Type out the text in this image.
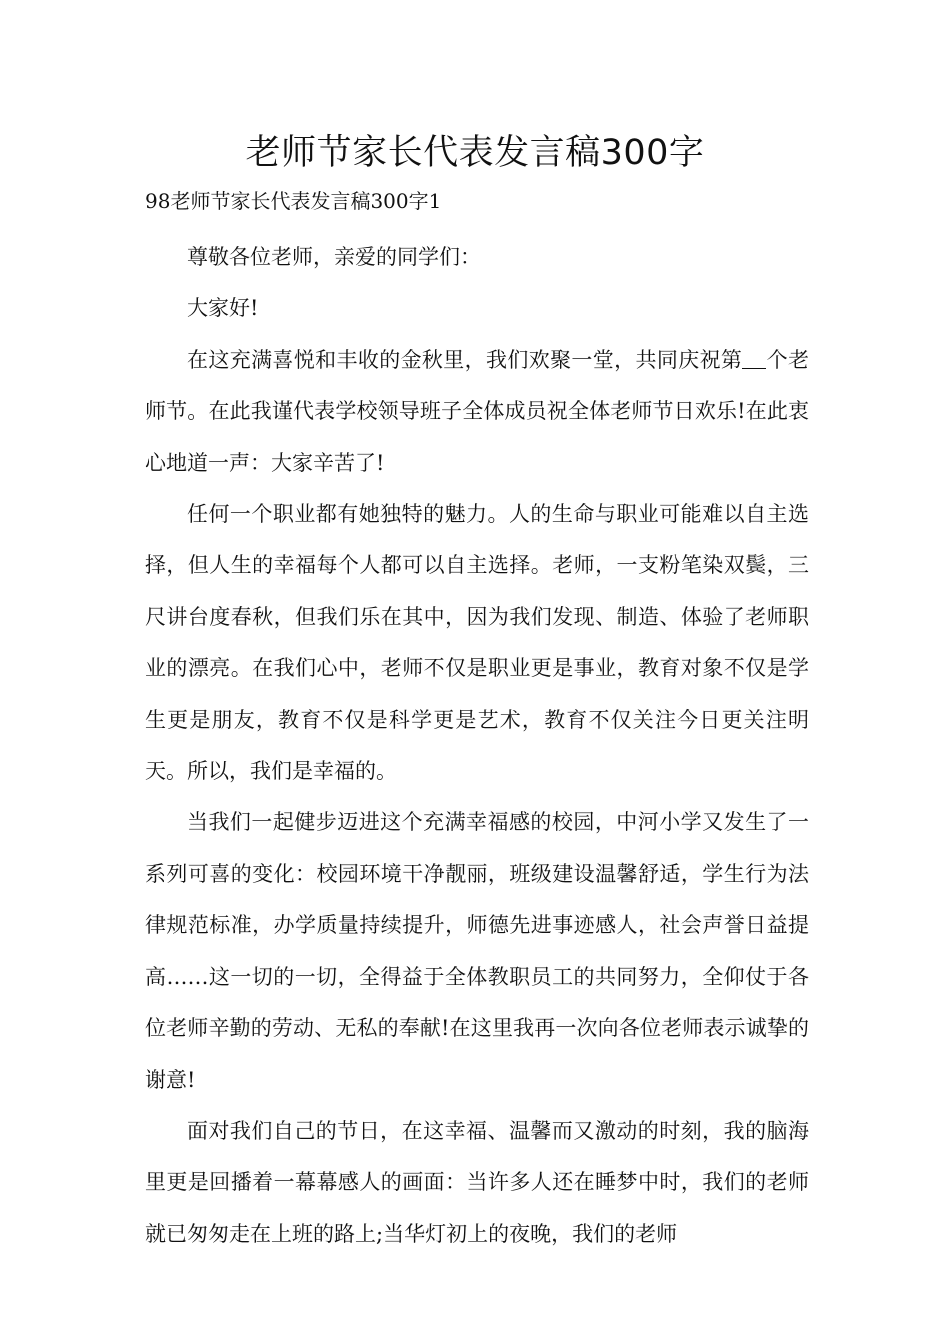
老师节家长代表发言稿300字

98老师节家长代表发言稿300字1

尊敬各位老师，亲爱的同学们：

大家好!

在这充满喜悦和丰收的金秋里，我们欢聚一堂，共同庆祝第 个老师节。在此我谨代表学校领导班子全体成员祝全体老师节日欢乐!在此衷心地道一声：大家辛苦了!

任何一个职业都有她独特的魅力。人的生命与职业可能难以自主选择，但人生的幸福每个人都可以自主选择。老师，一支粉笔染双鬓，三尺讲台度春秋，但我们乐在其中，因为我们发现、制造、体验了老师职业的漂亮。在我们心中，老师不仅是职业更是事业，教育对象不仅是学生更是朋友，教育不仅是科学更是艺术，教育不仅关注今日更关注明天。所以，我们是幸福的。

当我们一起健步迈进这个充满幸福感的校园，中河小学又发生了一系列可喜的变化：校园环境干净靓丽，班级建设温馨舒适，学生行为法律规范标准，办学质量持续提升，师德先进事迹感人，社会声誉日益提高……这一切的一切，全得益于全体教职员工的共同努力，全仰仗于各位老师辛勤的劳动、无私的奉献!在这里我再一次向各位老师表示诚挚的谢意!

面对我们自己的节日，在这幸福、温馨而又激动的时刻，我的脑海里更是回播着一幕幕感人的画面：当许多人还在睡梦中时，我们的老师就已匆匆走在上班的路上;当华灯初上的夜晚，我们的老师
